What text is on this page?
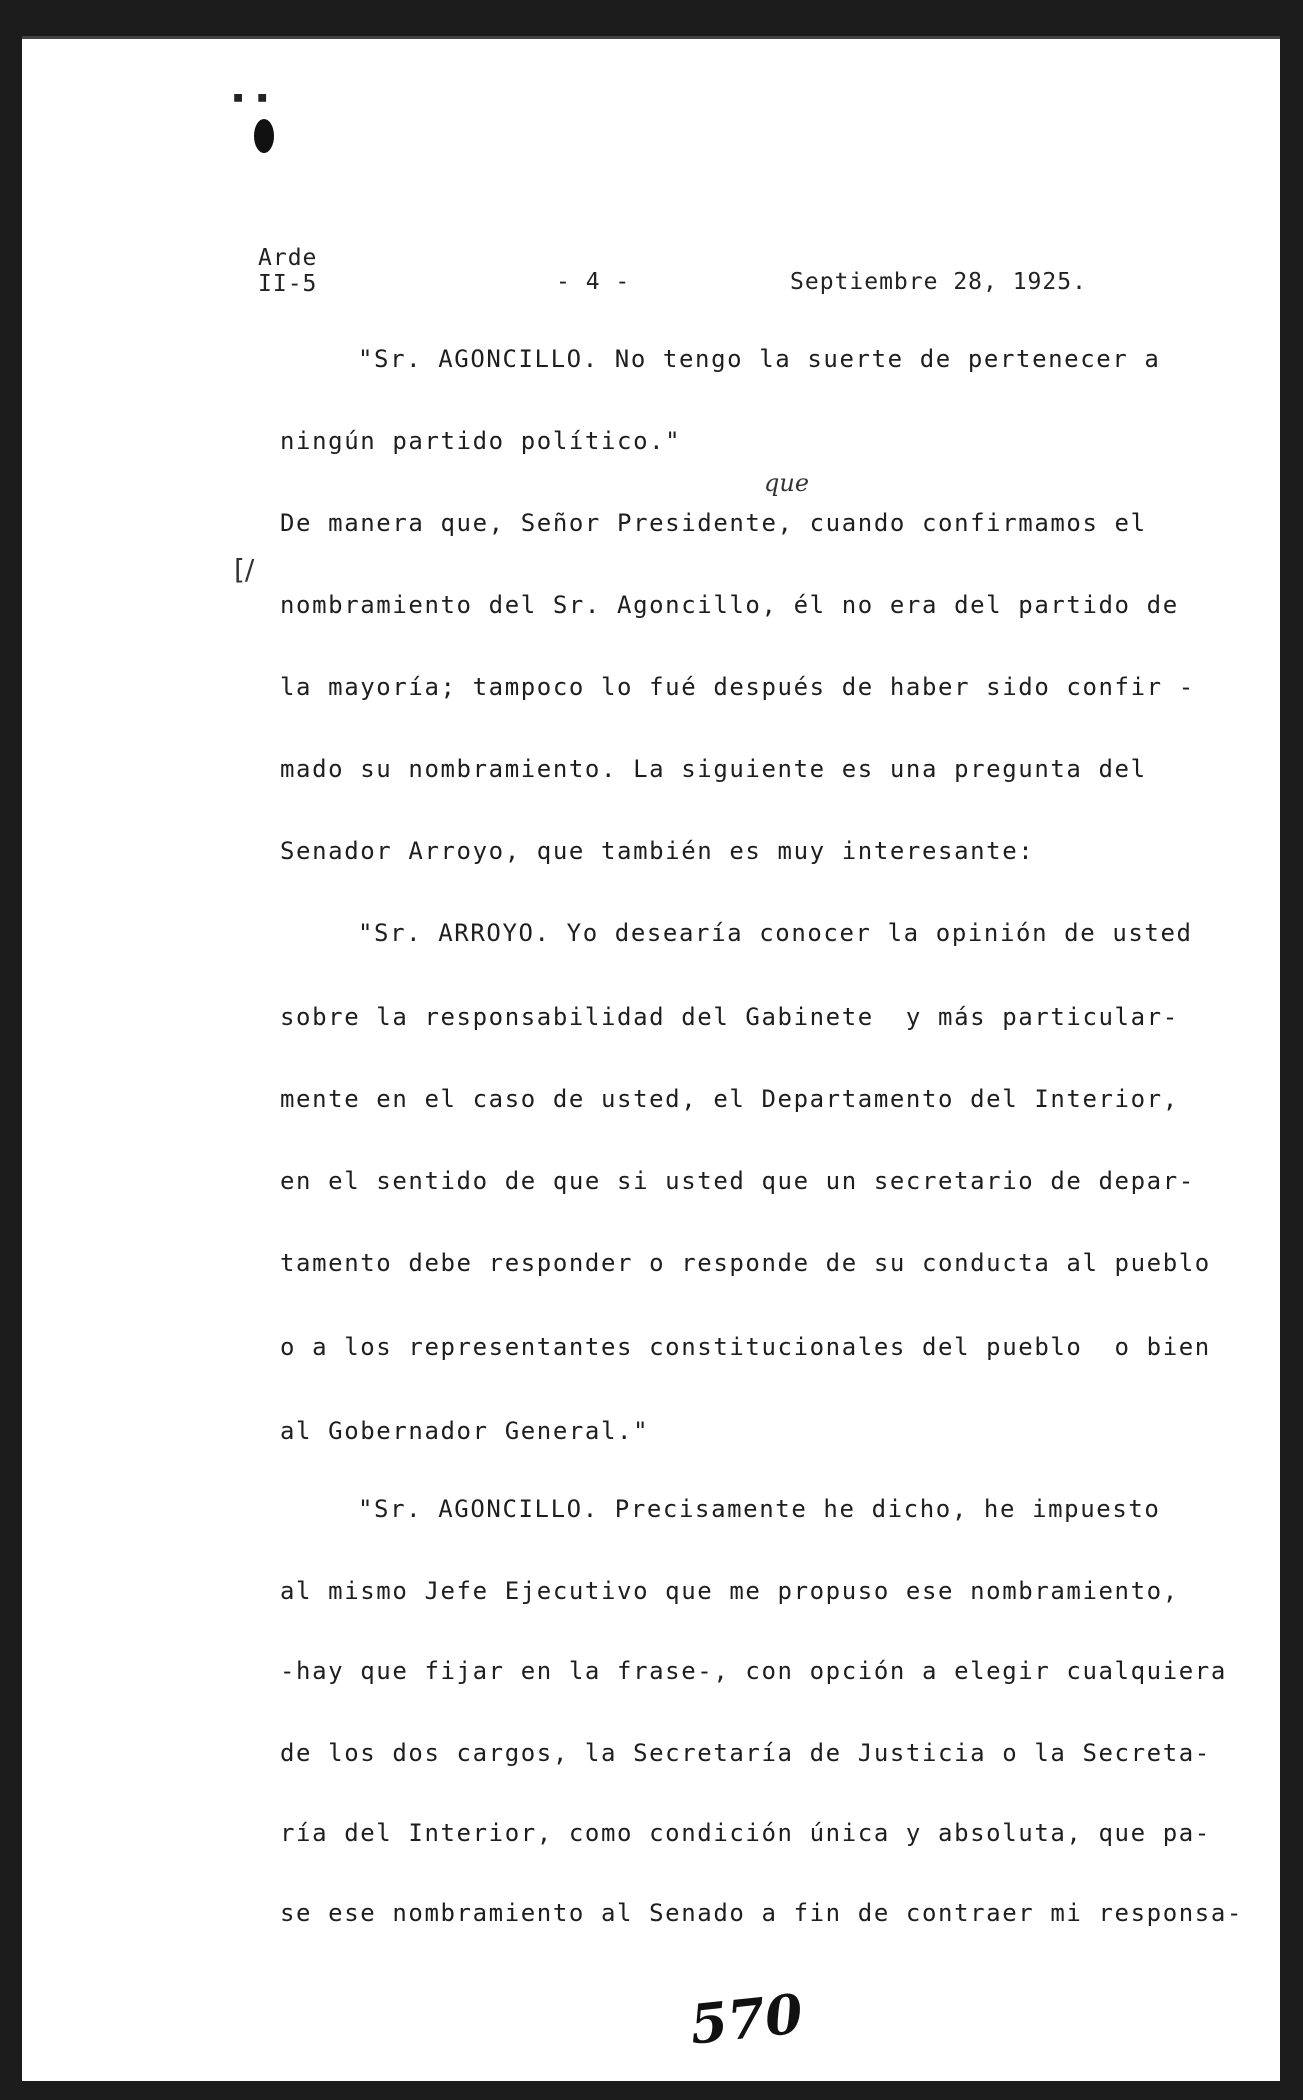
▪ ▪
Arde
II-5	- 4 -	Septiembre 28, 1925.
[/
que
"Sr. AGONCILLO. No tengo la suerte de pertenecer a
ningún partido político."
De manera que, Señor Presidente, cuando confirmamos el
nombramiento del Sr. Agoncillo, él no era del partido de
la mayoría; tampoco lo fué después de haber sido confir -
mado su nombramiento. La siguiente es una pregunta del
Senador Arroyo, que también es muy interesante:
"Sr. ARROYO. Yo desearía conocer la opinión de usted
sobre la responsabilidad del Gabinete  y más particular-
mente en el caso de usted, el Departamento del Interior,
en el sentido de que si usted que un secretario de depar-
tamento debe responder o responde de su conducta al pueblo
o a los representantes constitucionales del pueblo  o bien
al Gobernador General."
"Sr. AGONCILLO. Precisamente he dicho, he impuesto
al mismo Jefe Ejecutivo que me propuso ese nombramiento,
-hay que fijar en la frase-, con opción a elegir cualquiera
de los dos cargos, la Secretaría de Justicia o la Secreta-
ría del Interior, como condición única y absoluta, que pa-
se ese nombramiento al Senado a fin de contraer mi responsa-
570
